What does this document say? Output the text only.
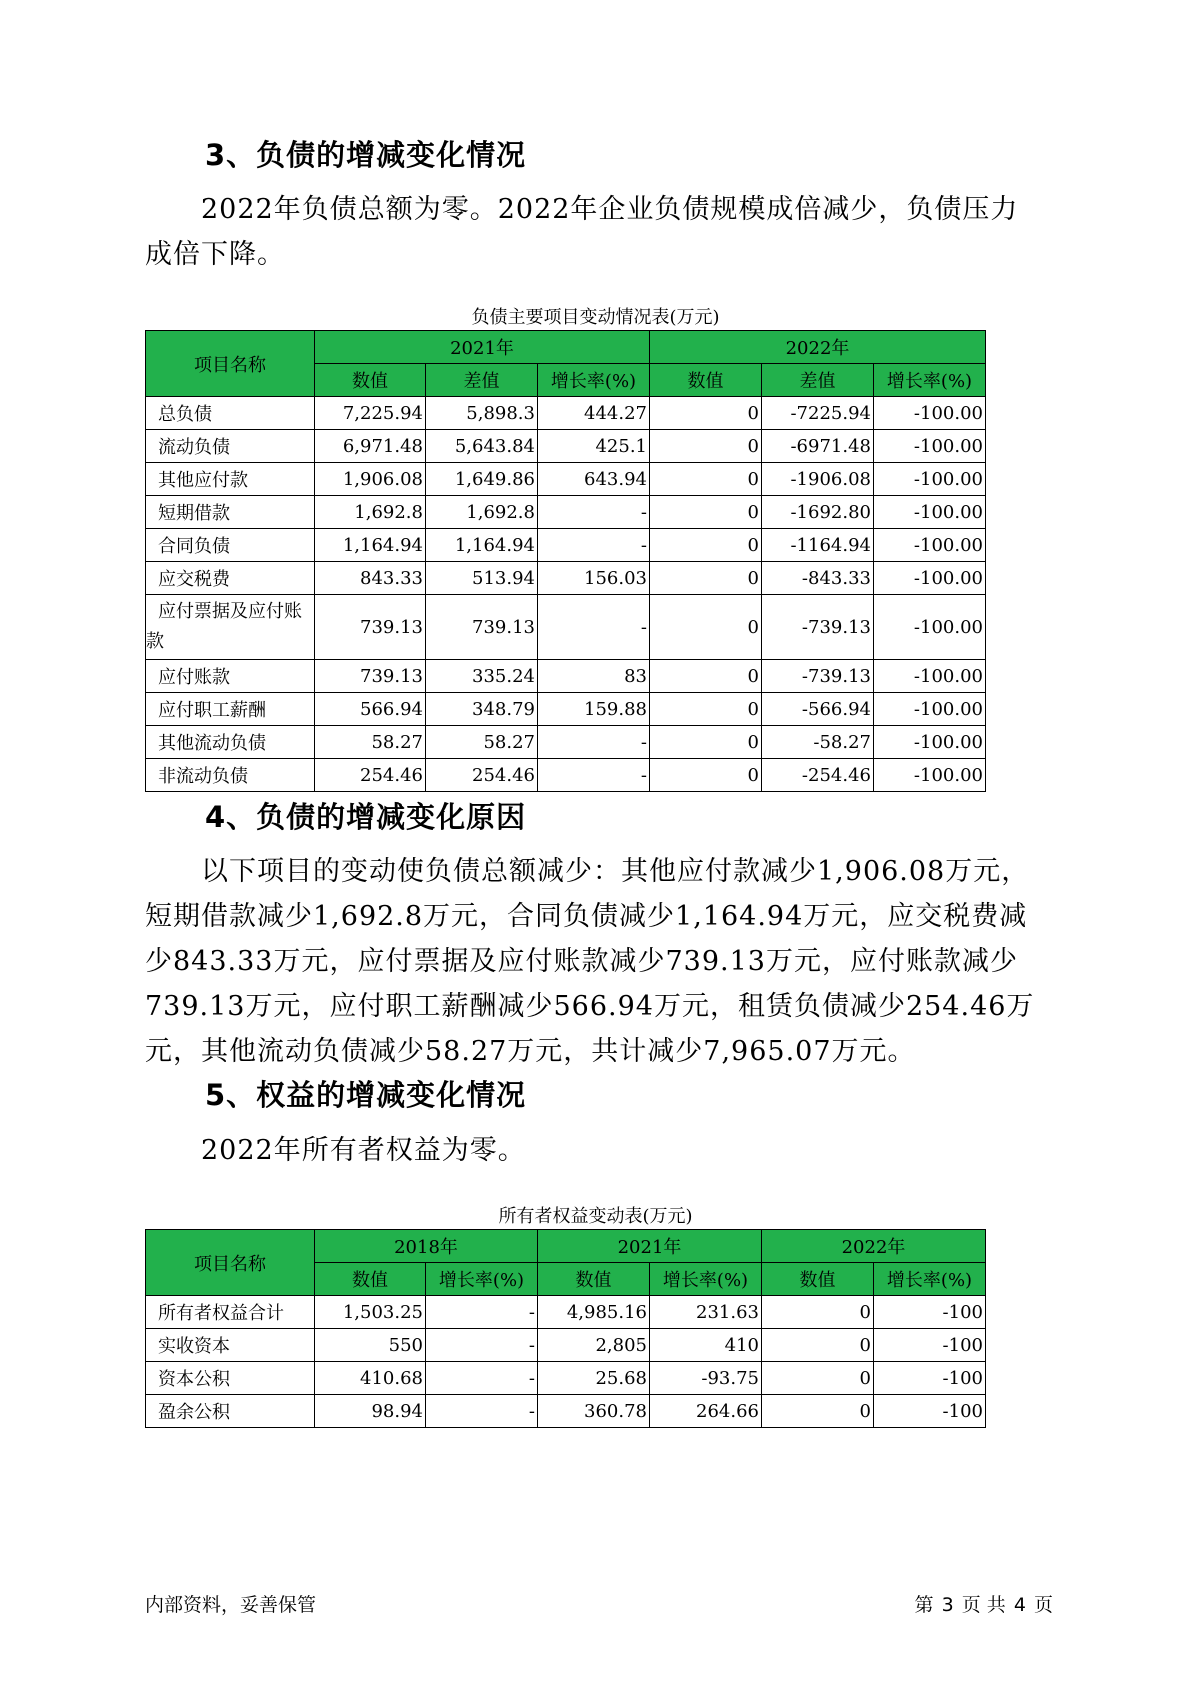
3、负债的增减变化情况

2022年负债总额为零。2022年企业负债规模成倍减少，负债压力成倍下降。

负债主要项目变动情况表(万元)

项目名称	2021年			2022年		
	数值	差值	增长率(%)	数值	差值	增长率(%)
总负债	7,225.94	5,898.3	444.27	0	-7225.94	-100.00
流动负债	6,971.48	5,643.84	425.1	0	-6971.48	-100.00
其他应付款	1,906.08	1,649.86	643.94	0	-1906.08	-100.00
短期借款	1,692.8	1,692.8	-	0	-1692.80	-100.00
合同负债	1,164.94	1,164.94	-	0	-1164.94	-100.00
应交税费	843.33	513.94	156.03	0	-843.33	-100.00
应付票据及应付账款	739.13	739.13	-	0	-739.13	-100.00
应付账款	739.13	335.24	83	0	-739.13	-100.00
应付职工薪酬	566.94	348.79	159.88	0	-566.94	-100.00
其他流动负债	58.27	58.27	-	0	-58.27	-100.00
非流动负债	254.46	254.46	-	0	-254.46	-100.00
4、负债的增减变化原因

以下项目的变动使负债总额减少：其他应付款减少1,906.08万元，短期借款减少1,692.8万元，合同负债减少1,164.94万元，应交税费减少843.33万元，应付票据及应付账款减少739.13万元，应付账款减少739.13万元，应付职工薪酬减少566.94万元，租赁负债减少254.46万元，其他流动负债减少58.27万元，共计减少7,965.07万元。

5、权益的增减变化情况

2022年所有者权益为零。

所有者权益变动表(万元)

项目名称	2018年		2021年		2022年	
	数值	增长率(%)	数值	增长率(%)	数值	增长率(%)
所有者权益合计	1,503.25	-	4,985.16	231.63	0	-100
实收资本	550	-	2,805	410	0	-100
资本公积	410.68	-	25.68	-93.75	0	-100
盈余公积	98.94	-	360.78	264.66	0	-100
内部资料，妥善保管	第 3 页 共 4 页
